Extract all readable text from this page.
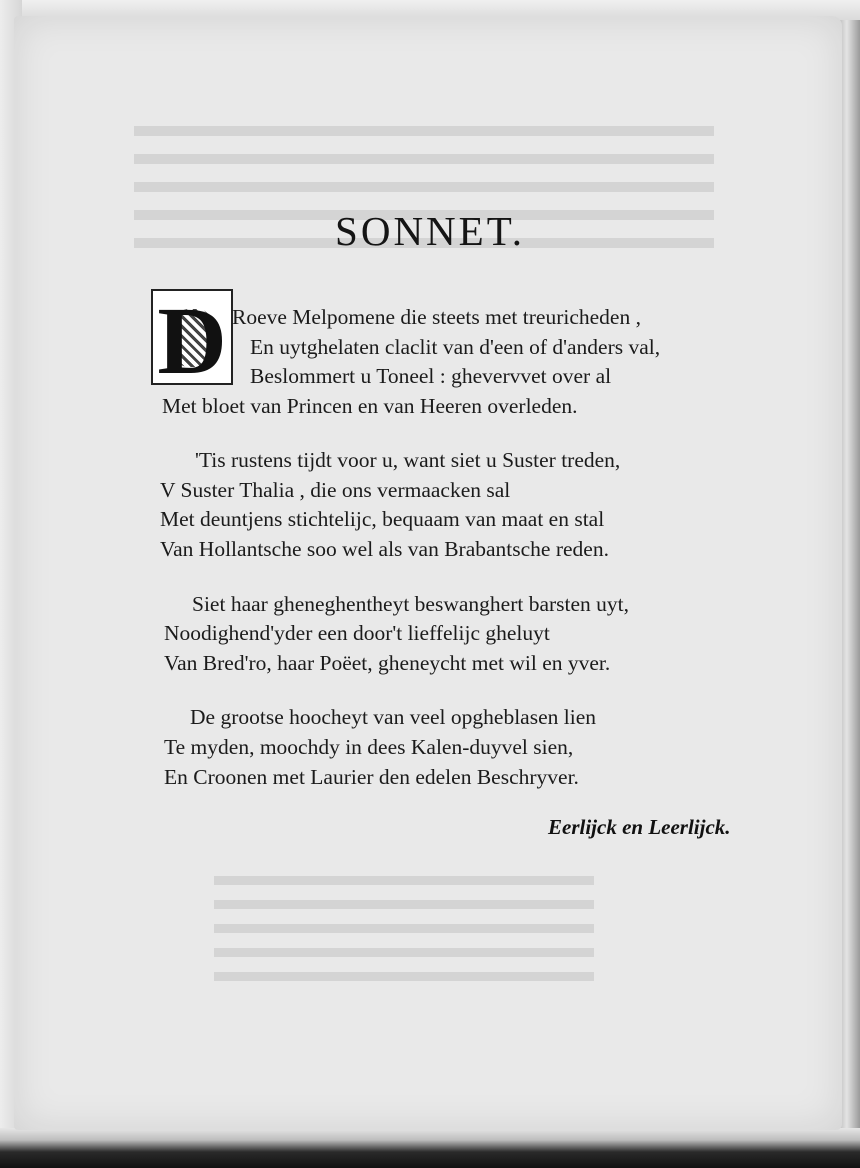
SONNET.
D Roeve Melpomene die steets met treuricheden ,
En uytghelaten claclit van d'een of d'anders val,
Beslommert u Toneel : ghevervvet over al
Met bloet van Princen en van Heeren overleden.
'Tis rustens tijdt voor u, want siet u Suster treden,
V Suster Thalia , die ons vermaacken sal
Met deuntjens stichtelijc, bequaam van maat en stal
Van Hollantsche soo wel als van Brabantsche reden.
Siet haar gheneghentheyt beswanghert barsten uyt,
Noodighend'yder een door't lieffelijc gheluyt
Van Bred'ro, haar Poëet, gheneycht met wil en yver.
De grootse hoocheyt van veel opgheblasen lien
Te myden, moochdy in dees Kalen-duyvel sien,
En Croonen met Laurier den edelen Beschryver.
Eerlijck en Leerlijck.
